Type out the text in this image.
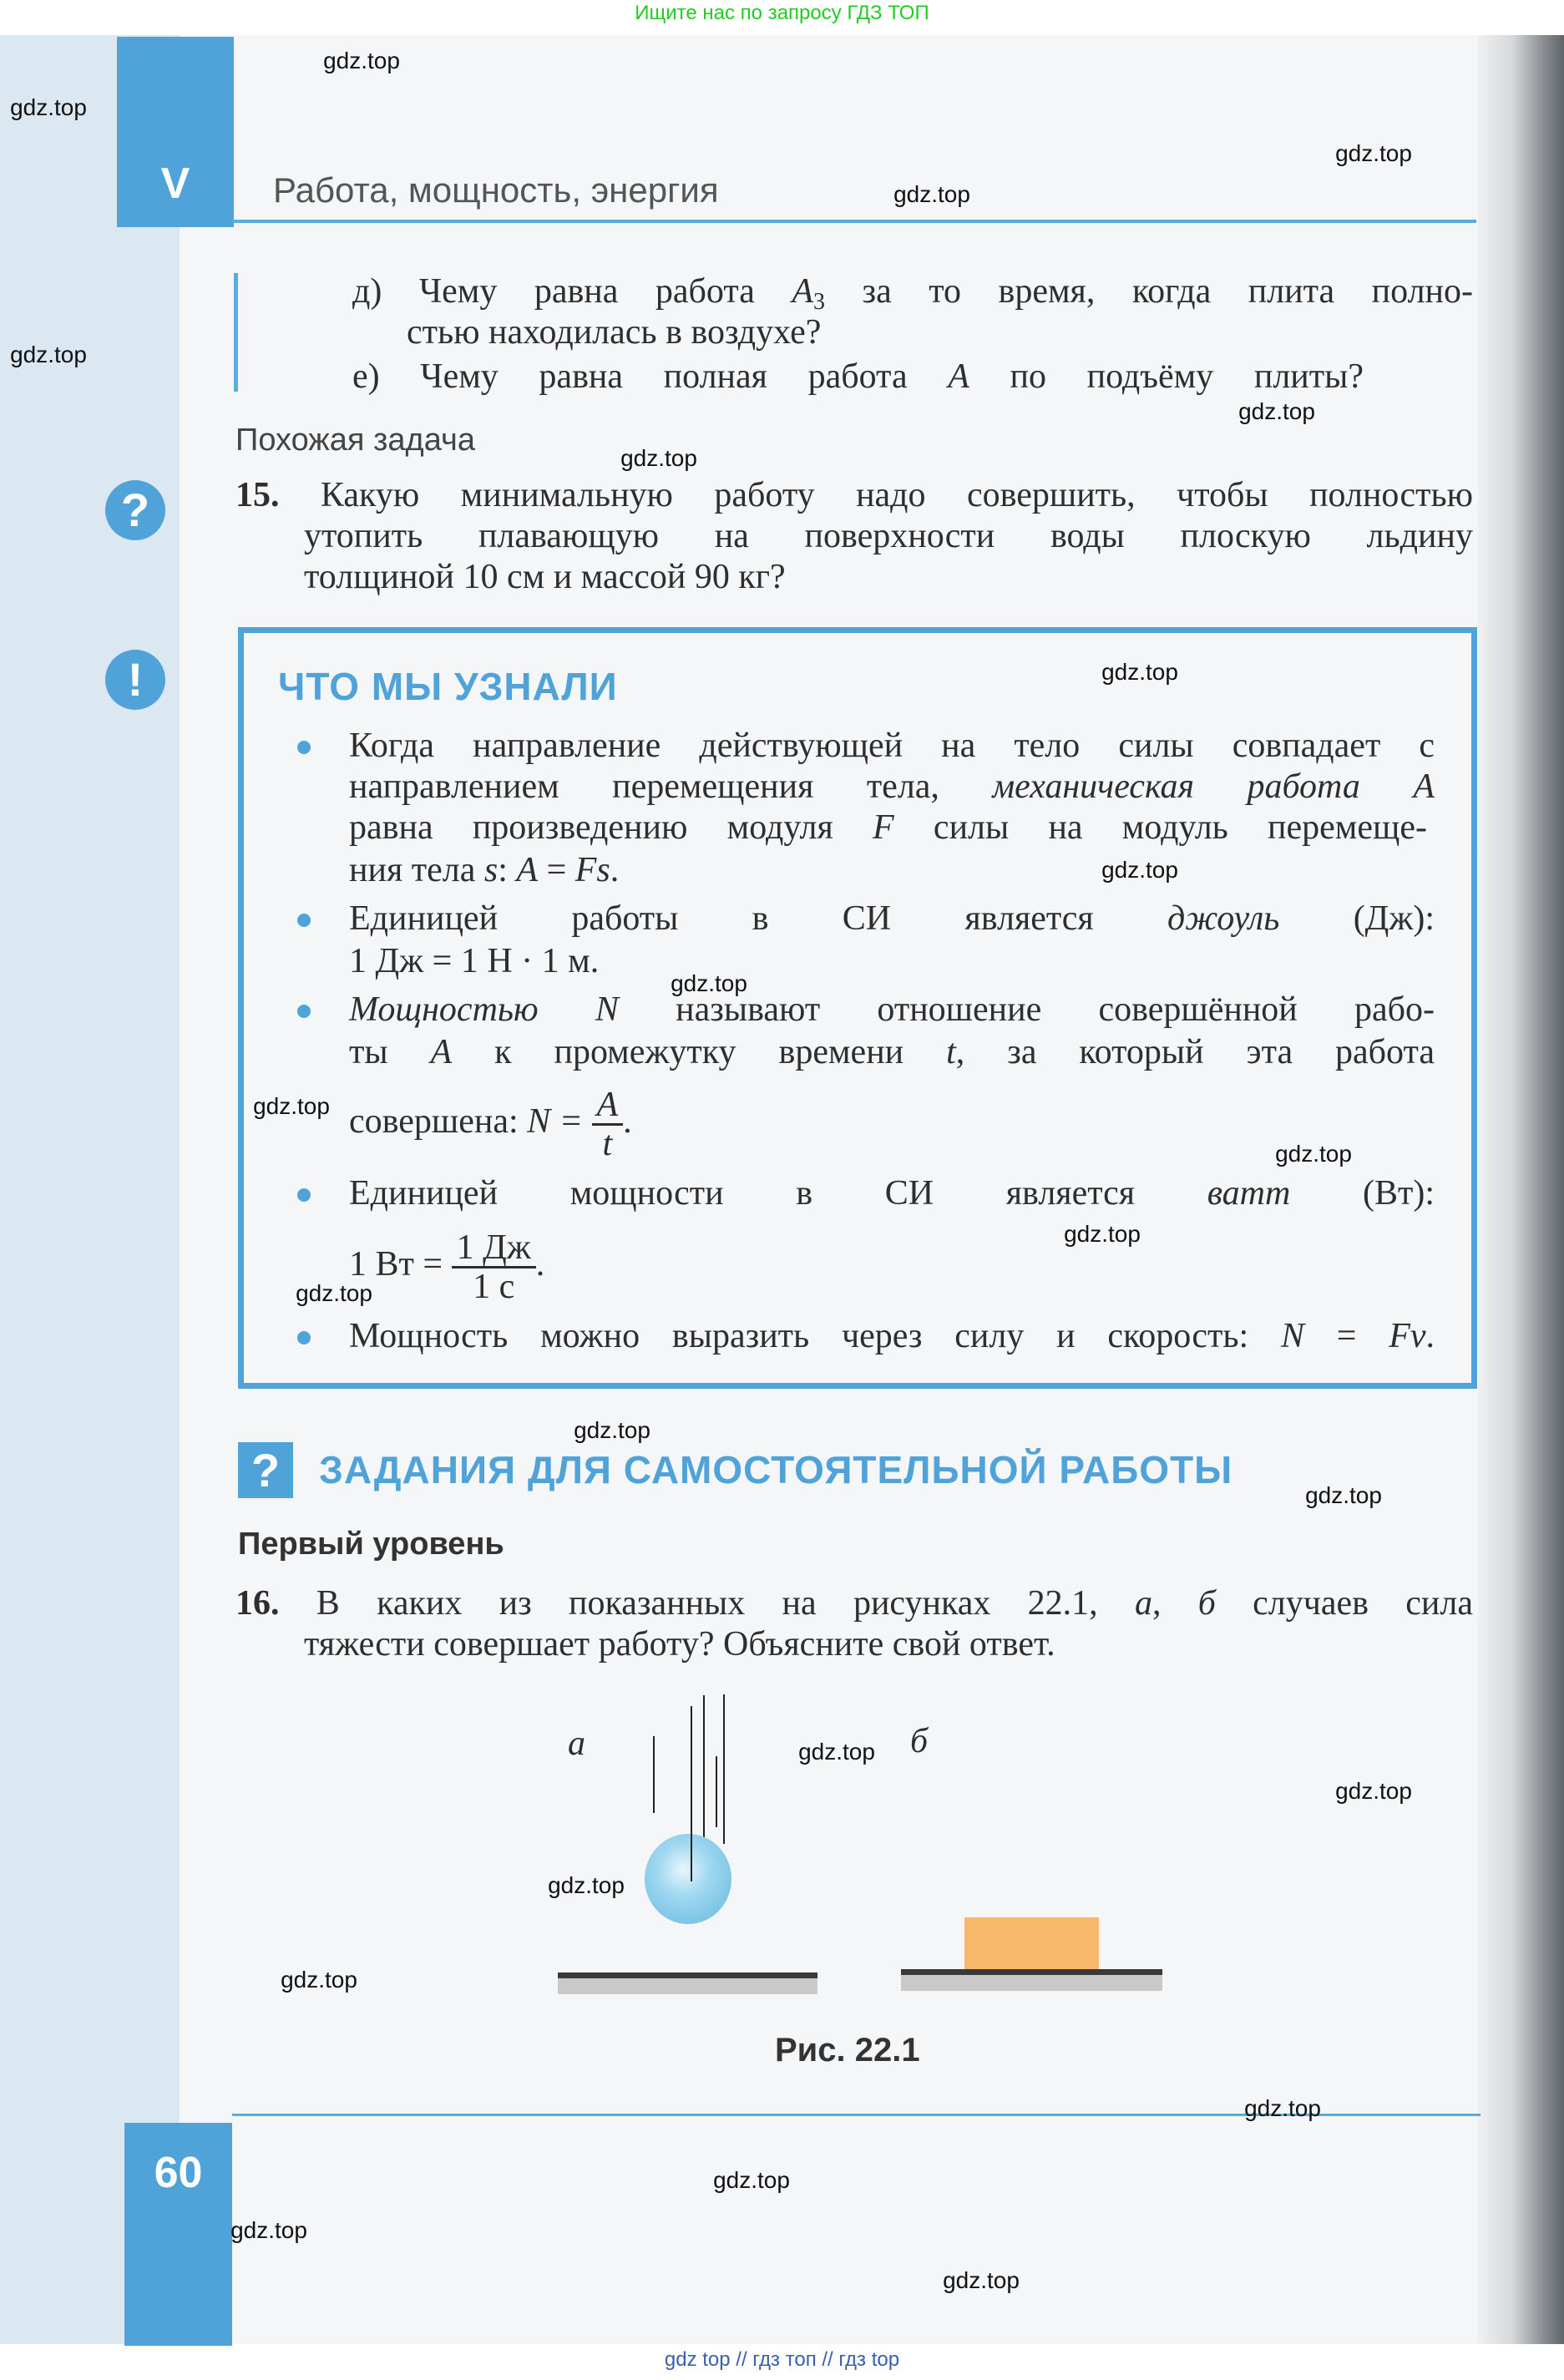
Ищите нас по запросу ГДЗ ТОП
V	Работа, мощность, энергия
д) Чему равна работа $A_3$ за то время, когда плита полно-
стью находилась в воздухе?
е) Чему равна полная работа A по подъёму плиты?
Похожая задача
?
!
15. Какую минимальную работу надо совершить, чтобы полностью
утопить плавающую на поверхности воды плоскую льдину
толщиной 10 см и массой 90 кг?
ЧТО МЫ УЗНАЛИ
Когда направление действующей на тело силы совпадает с
направлением перемещения тела, механическая работа A
равна произведению модуля F силы на модуль перемеще-
ния тела s: A = Fs.
Единицей работы в СИ является джоуль (Дж):
1 Дж = 1 Н · 1 м.
Мощностью N называют отношение совершённой рабо-
ты A к промежутку времени t, за который эта работа
совершена: $N = \frac{A}{t}$ .
Единицей мощности в СИ является ватт (Вт):
1 Вт = $\frac{1 Дж}{1 с}$ .
Мощность можно выразить через силу и скорость: N = Fv.
?	ЗАДАНИЯ ДЛЯ САМОСТОЯТЕЛЬНОЙ РАБОТЫ
Первый уровень
16. В каких из показанных на рисунках 22.1, а, б случаев сила
тяжести совершает работу? Объясните свой ответ.
а	б
Рис. 22.1
60
gdz top // гдз топ // гдз top
gdz.top
gdz.top
gdz.top
gdz.top
gdz.top
gdz.top
gdz.top
gdz.top
gdz.top
gdz.top
gdz.top
gdz.top
gdz.top
gdz.top
gdz.top
gdz.top
gdz.top
gdz.top
gdz.top
gdz.top
gdz.top
gdz.top
gdz.top
gdz.top
